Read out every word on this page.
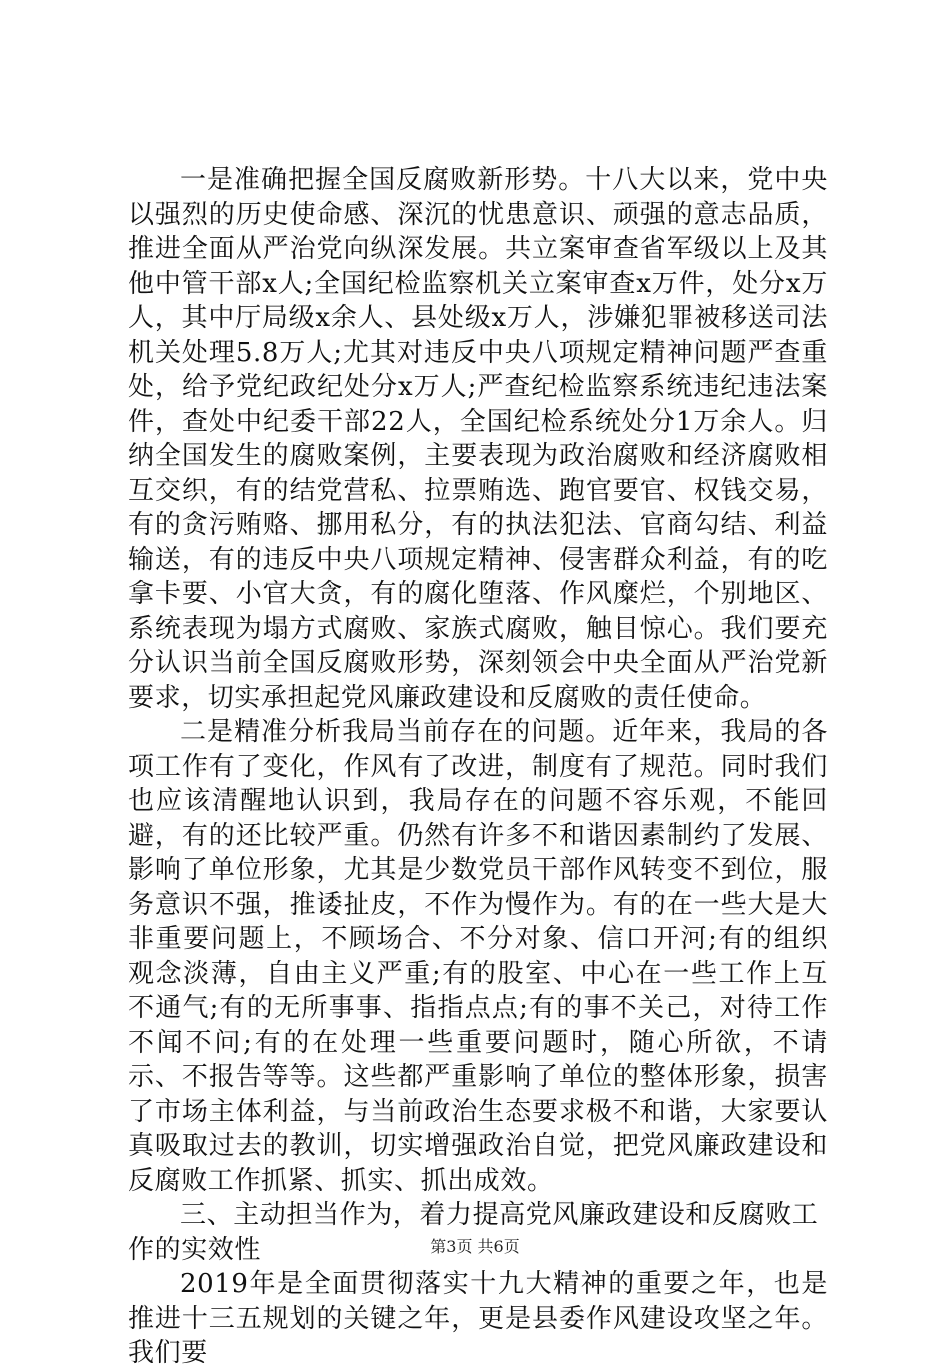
一是准确把握全国反腐败新形势。十八大以来，党中央以强烈的历史使命感、深沉的忧患意识、顽强的意志品质，推进全面从严治党向纵深发展。共立案审查省军级以上及其他中管干部x人;全国纪检监察机关立案审查x万件，处分x万人，其中厅局级x余人、县处级x万人，涉嫌犯罪被移送司法机关处理5.8万人;尤其对违反中央八项规定精神问题严查重处，给予党纪政纪处分x万人;严查纪检监察系统违纪违法案件，查处中纪委干部22人，全国纪检系统处分1万余人。归纳全国发生的腐败案例，主要表现为政治腐败和经济腐败相互交织，有的结党营私、拉票贿选、跑官要官、权钱交易，有的贪污贿赂、挪用私分，有的执法犯法、官商勾结、利益输送，有的违反中央八项规定精神、侵害群众利益，有的吃拿卡要、小官大贪，有的腐化堕落、作风糜烂，个别地区、系统表现为塌方式腐败、家族式腐败，触目惊心。我们要充分认识当前全国反腐败形势，深刻领会中央全面从严治党新要求，切实承担起党风廉政建设和反腐败的责任使命。

二是精准分析我局当前存在的问题。近年来，我局的各项工作有了变化，作风有了改进，制度有了规范。同时我们也应该清醒地认识到，我局存在的问题不容乐观，不能回避，有的还比较严重。仍然有许多不和谐因素制约了发展、影响了单位形象，尤其是少数党员干部作风转变不到位，服务意识不强，推诿扯皮，不作为慢作为。有的在一些大是大非重要问题上，不顾场合、不分对象、信口开河;有的组织观念淡薄，自由主义严重;有的股室、中心在一些工作上互不通气;有的无所事事、指指点点;有的事不关己，对待工作不闻不问;有的在处理一些重要问题时，随心所欲，不请示、不报告等等。这些都严重影响了单位的整体形象，损害了市场主体利益，与当前政治生态要求极不和谐，大家要认真吸取过去的教训，切实增强政治自觉，把党风廉政建设和反腐败工作抓紧、抓实、抓出成效。

三、主动担当作为，着力提高党风廉政建设和反腐败工作的实效性

2019年是全面贯彻落实十九大精神的重要之年，也是推进十三五规划的关键之年，更是县委作风建设攻坚之年。我们要

第3页 共6页
